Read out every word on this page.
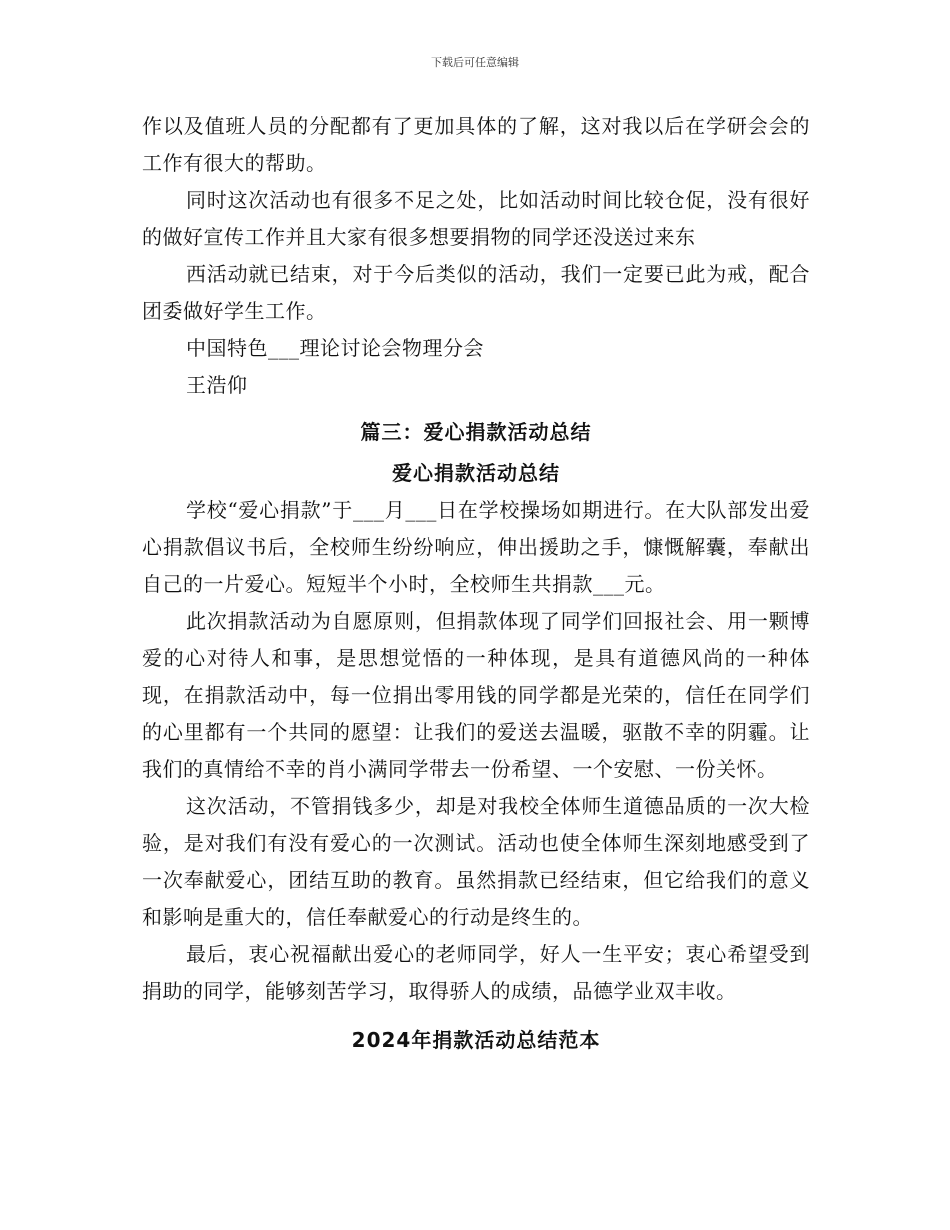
下载后可任意编辑

作以及值班人员的分配都有了更加具体的了解，这对我以后在学研会会的工作有很大的帮助。

同时这次活动也有很多不足之处，比如活动时间比较仓促，没有很好的做好宣传工作并且大家有很多想要捐物的同学还没送过来东

西活动就已结束，对于今后类似的活动，我们一定要已此为戒，配合团委做好学生工作。

中国特色___理论讨论会物理分会

王浩仰

篇三：爱心捐款活动总结

爱心捐款活动总结

学校“爱心捐款”于___月___日在学校操场如期进行。在大队部发出爱心捐款倡议书后，全校师生纷纷响应，伸出援助之手，慷慨解囊，奉献出自己的一片爱心。短短半个小时，全校师生共捐款___元。

此次捐款活动为自愿原则，但捐款体现了同学们回报社会、用一颗博爱的心对待人和事，是思想觉悟的一种体现，是具有道德风尚的一种体现，在捐款活动中，每一位捐出零用钱的同学都是光荣的，信任在同学们的心里都有一个共同的愿望：让我们的爱送去温暖，驱散不幸的阴霾。让我们的真情给不幸的肖小满同学带去一份希望、一个安慰、一份关怀。

这次活动，不管捐钱多少，却是对我校全体师生道德品质的一次大检验，是对我们有没有爱心的一次测试。活动也使全体师生深刻地感受到了一次奉献爱心，团结互助的教育。虽然捐款已经结束，但它给我们的意义和影响是重大的，信任奉献爱心的行动是终生的。

最后，衷心祝福献出爱心的老师同学，好人一生平安；衷心希望受到捐助的同学，能够刻苦学习，取得骄人的成绩，品德学业双丰收。

2024年捐款活动总结范本
